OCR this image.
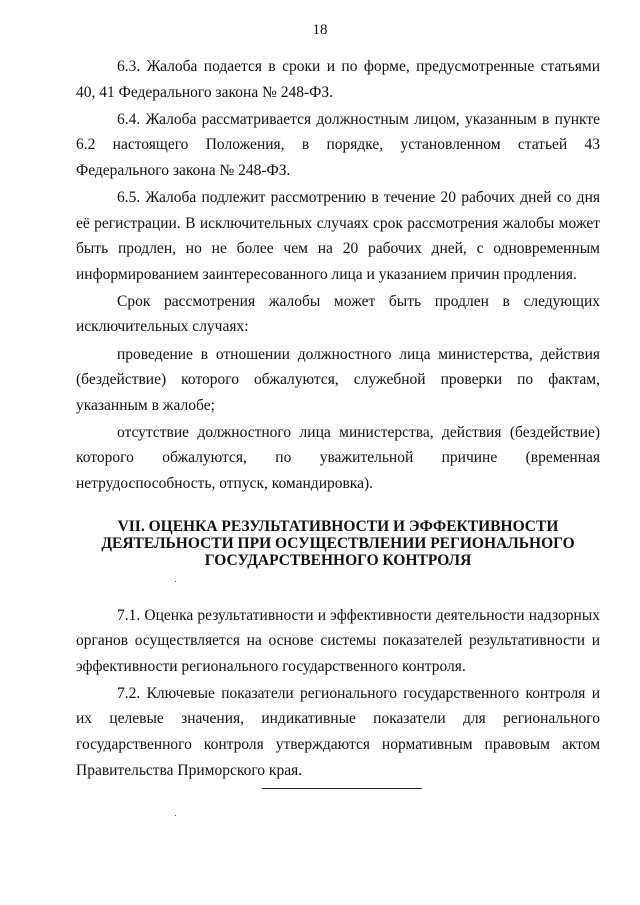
18

6.3. Жалоба подается в сроки и по форме, предусмотренные статьями 40, 41 Федерального закона № 248-ФЗ.

6.4. Жалоба рассматривается должностным лицом, указанным в пункте 6.2 настоящего Положения, в порядке, установленном статьей 43 Федерального закона № 248-ФЗ.

6.5. Жалоба подлежит рассмотрению в течение 20 рабочих дней со дня её регистрации. В исключительных случаях срок рассмотрения жалобы может быть продлен, но не более чем на 20 рабочих дней, с одновременным информированием заинтересованного лица и указанием причин продления.

Срок рассмотрения жалобы может быть продлен в следующих исключительных случаях:

проведение в отношении должностного лица министерства, действия (бездействие) которого обжалуются, служебной проверки по фактам, указанным в жалобе;

отсутствие должностного лица министерства, действия (бездействие) которого обжалуются, по уважительной причине (временная нетрудоспособность, отпуск, командировка).

VII. ОЦЕНКА РЕЗУЛЬТАТИВНОСТИ И ЭФФЕКТИВНОСТИ
ДЕЯТЕЛЬНОСТИ ПРИ ОСУЩЕСТВЛЕНИИ РЕГИОНАЛЬНОГО
ГОСУДАРСТВЕННОГО КОНТРОЛЯ

7.1. Оценка результативности и эффективности деятельности надзорных органов осуществляется на основе системы показателей результативности и эффективности регионального государственного контроля.

7.2. Ключевые показатели регионального государственного контроля и их целевые значения, индикативные показатели для регионального государственного контроля утверждаются нормативным правовым актом Правительства Приморского края.
